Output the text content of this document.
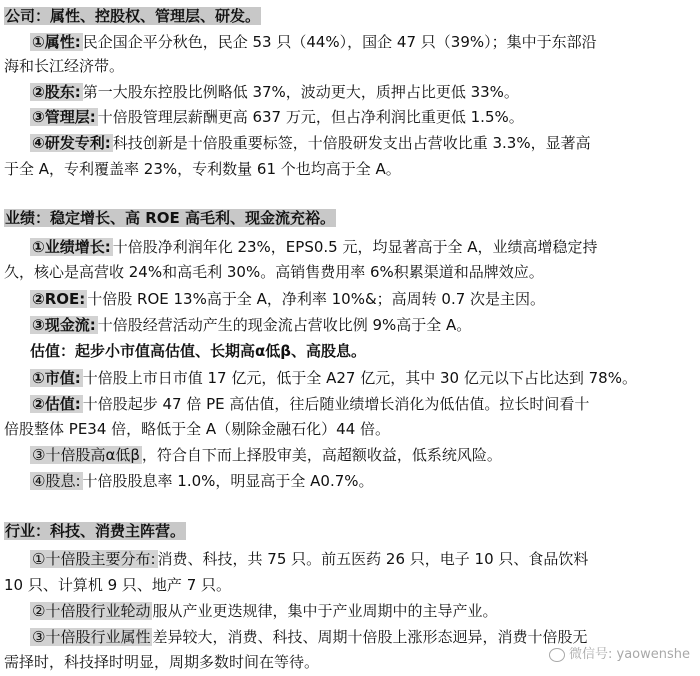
公司：属性、控股权、管理层、研发。
①属性: 民企国企平分秋色，民企 53 只（44%），国企 47 只（39%）；集中于东部沿
海和长江经济带。
②股东: 第一大股东控股比例略低 37%，波动更大，质押占比更低 33%。
③管理层: 十倍股管理层薪酬更高 637 万元，但占净利润比重更低 1.5%。
④研发专利: 科技创新是十倍股重要标签，十倍股研发支出占营收比重 3.3%，显著高
于全 A，专利覆盖率 23%，专利数量 61 个也均高于全 A。
业绩：稳定增长、高 ROE 高毛利、现金流充裕。
①业绩增长: 十倍股净利润年化 23%，EPS0.5 元，均显著高于全 A，业绩高增稳定持
久，核心是高营收 24%和高毛利 30%。高销售费用率 6%积累渠道和品牌效应。
②ROE: 十倍股 ROE 13%高于全 A，净利率 10%&；高周转 0.7 次是主因。
③现金流: 十倍股经营活动产生的现金流占营收比例 9%高于全 A。
估值：起步小市值高估值、长期高α低β、高股息。
①市值: 十倍股上市日市值 17 亿元，低于全 A27 亿元，其中 30 亿元以下占比达到 78%。
②估值: 十倍股起步 47 倍 PE 高估值，往后随业绩增长消化为低估值。拉长时间看十
倍股整体 PE34 倍，略低于全 A（剔除金融石化）44 倍。
③十倍股高α低β ，符合自下而上择股审美，高超额收益，低系统风险。
④股息: 十倍股股息率 1.0%，明显高于全 A0.7%。
行业：科技、消费主阵营。
①十倍股主要分布: 消费、科技，共 75 只。前五医药 26 只，电子 10 只、食品饮料
10 只、计算机 9 只、地产 7 只。
②十倍股行业轮动 服从产业更迭规律，集中于产业周期中的主导产业。
③十倍股行业属性 差异较大，消费、科技、周期十倍股上涨形态迥异，消费十倍股无
需择时，科技择时明显，周期多数时间在等待。	微信号: yaowenshe
